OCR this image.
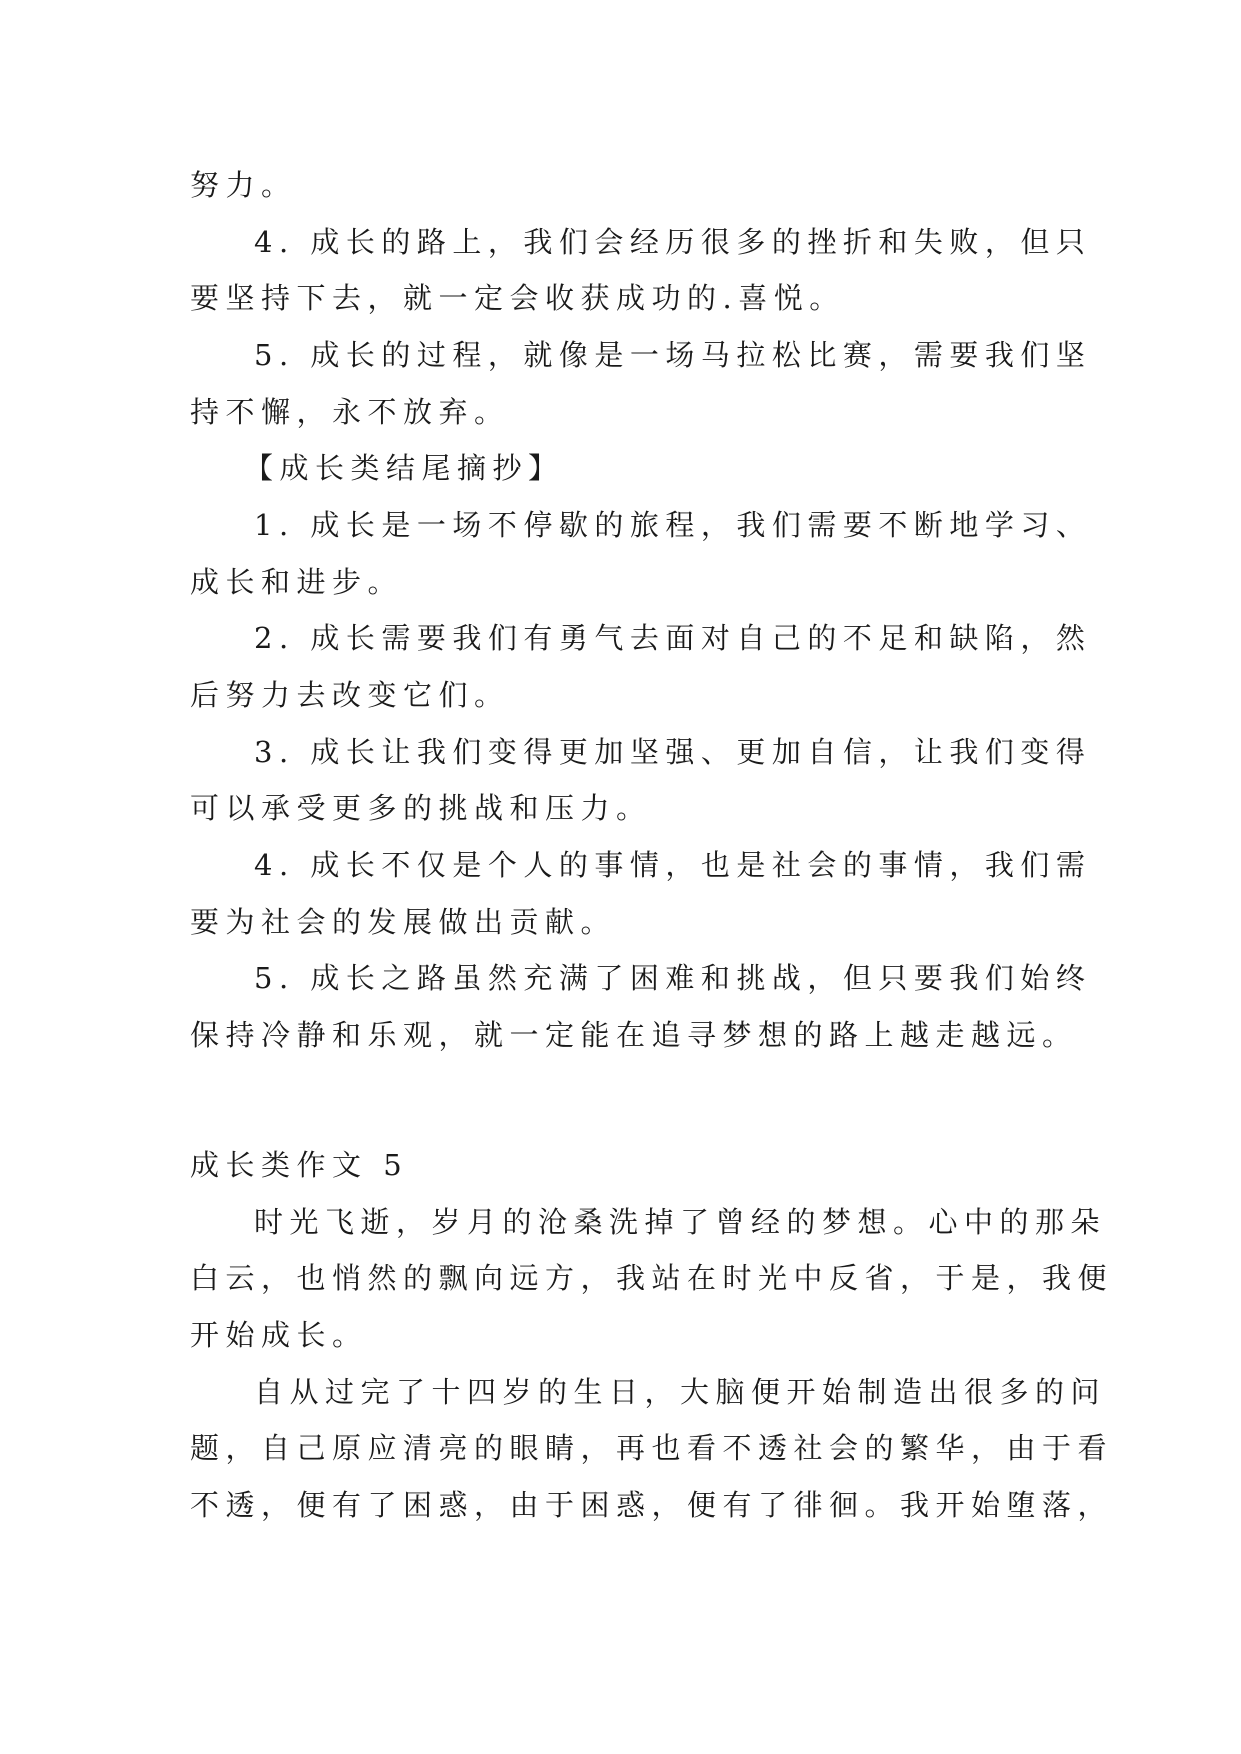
努力。
4. 成长的路上，我们会经历很多的挫折和失败，但只
要坚持下去，就一定会收获成功的.喜悦。
5. 成长的过程，就像是一场马拉松比赛，需要我们坚
持不懈，永不放弃。
【成长类结尾摘抄】
1. 成长是一场不停歇的旅程，我们需要不断地学习、
成长和进步。
2. 成长需要我们有勇气去面对自己的不足和缺陷，然
后努力去改变它们。
3. 成长让我们变得更加坚强、更加自信，让我们变得
可以承受更多的挑战和压力。
4. 成长不仅是个人的事情，也是社会的事情，我们需
要为社会的发展做出贡献。
5. 成长之路虽然充满了困难和挑战，但只要我们始终
保持冷静和乐观，就一定能在追寻梦想的路上越走越远。
成长类作文 5
时光飞逝，岁月的沧桑洗掉了曾经的梦想。心中的那朵
白云，也悄然的飘向远方，我站在时光中反省，于是，我便
开始成长。
自从过完了十四岁的生日，大脑便开始制造出很多的问
题，自己原应清亮的眼睛，再也看不透社会的繁华，由于看
不透，便有了困惑，由于困惑，便有了徘徊。我开始堕落，
